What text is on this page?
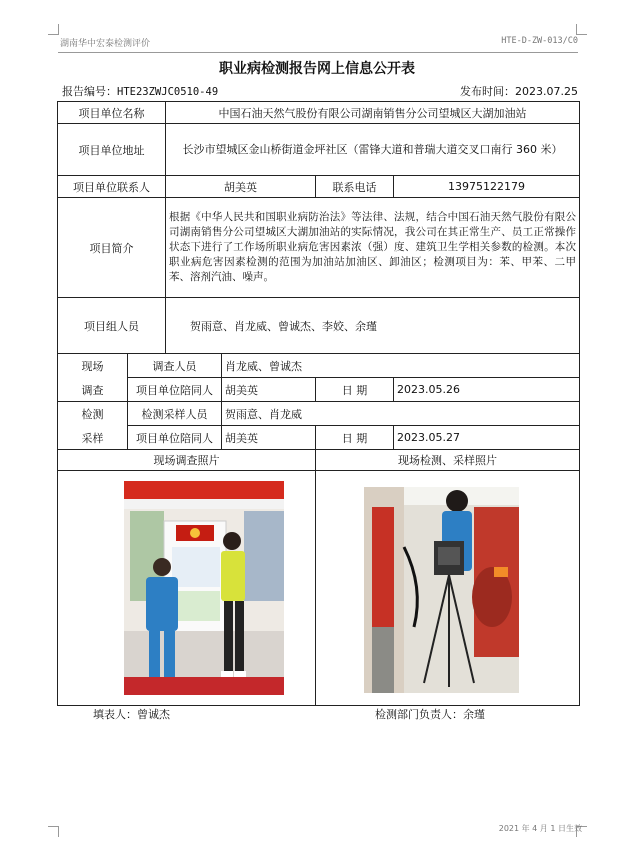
湖南华中宏泰检测评价	HTE-D-ZW-013/C0
职业病检测报告网上信息公开表
报告编号：HTE23ZWJC0510-49	发布时间：2023.07.25
项目单位名称		中国石油天然气股份有限公司湖南销售分公司望城区大湖加油站			
项目单位地址		长沙市望城区金山桥街道金坪社区（雷锋大道和普瑞大道交叉口南行 360 米）			
项目单位联系人		胡美英		联系电话	13975122179
项目简介		根据《中华人民共和国职业病防治法》等法律、法规，结合中国石油天然气股份有限公司湖南销售分公司望城区大湖加油站的实际情况，我公司在其正常生产、员工正常操作状态下进行了工作场所职业病危害因素浓（强）度、建筑卫生学相关参数的检测。本次职业病危害因素检测的范围为加油站加油区、卸油区；检测项目为：苯、甲苯、二甲苯、溶剂汽油、噪声。			
项目组人员		贺雨意、肖龙威、曾诚杰、李姣、余瑾			

现场
调查	调查人员		肖龙威、曾诚杰		
	项目单位陪同人		胡美英	日 期	2023.05.26

检测
采样	检测采样人员		贺雨意、肖龙威		
	项目单位陪同人		胡美英	日 期	2023.05.27
现场调查照片				现场检测、采样照片	

填表人：曾诚杰	检测部门负责人：余瑾
2021 年 4 月 1 日生效
